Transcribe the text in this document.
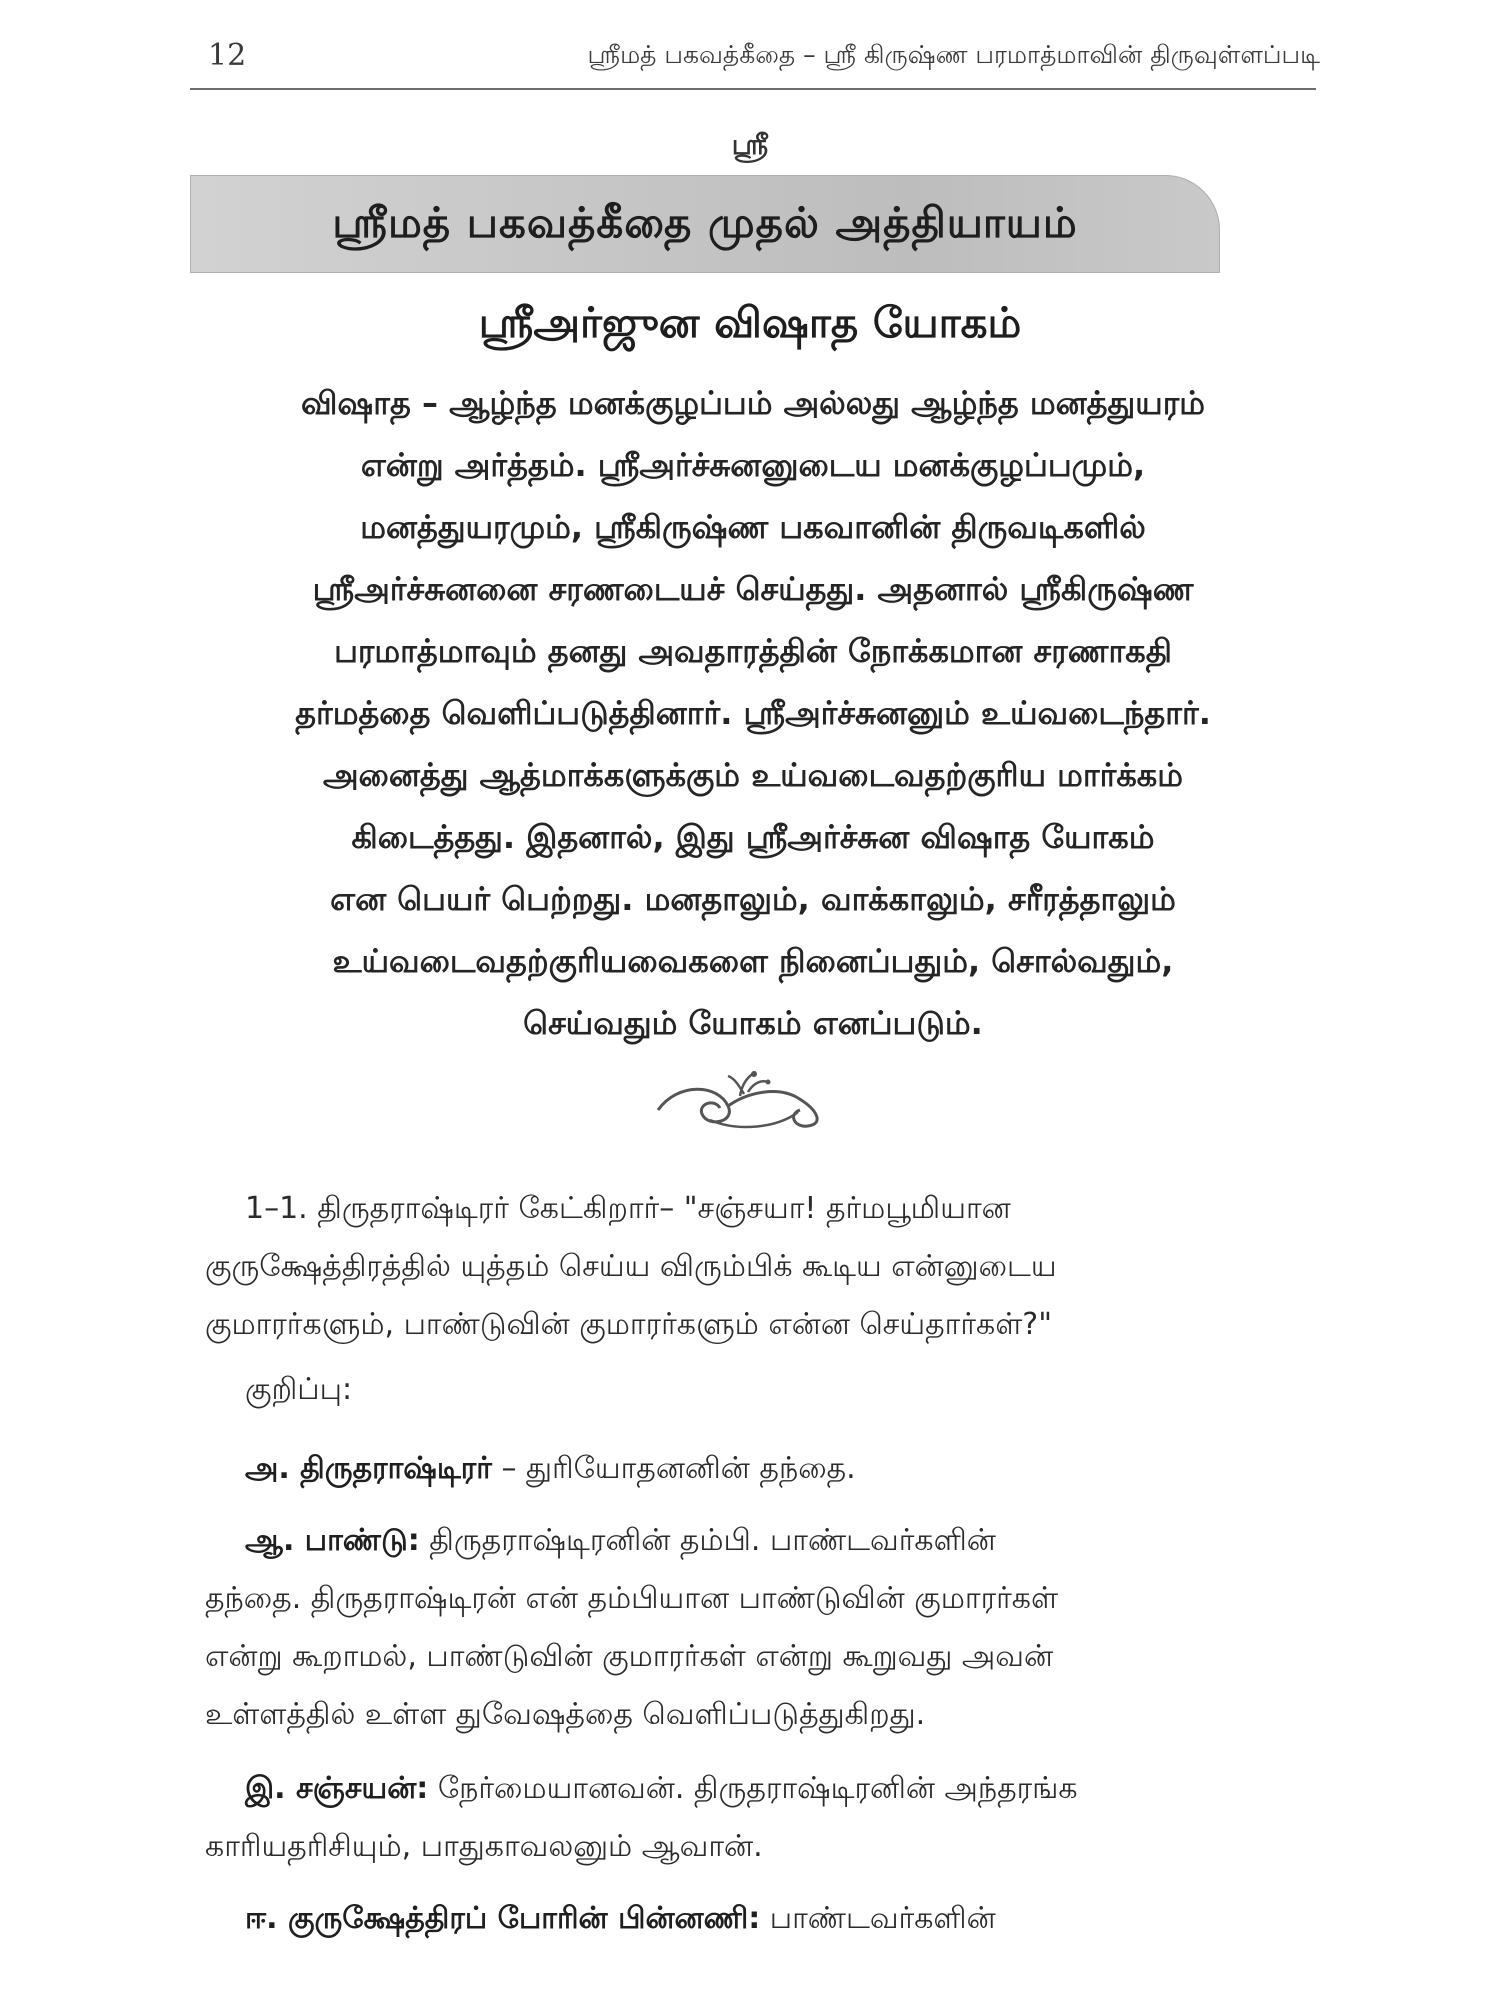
12	ஸ்ரீமத் பகவத்கீதை – ஸ்ரீ கிருஷ்ண பரமாத்மாவின் திருவுள்ளப்படி
ஸ்ரீ
ஸ்ரீமத் பகவத்கீதை முதல் அத்தியாயம்
ஸ்ரீஅர்ஜுன விஷாத யோகம்
விஷாத – ஆழ்ந்த மனக்குழப்பம் அல்லது ஆழ்ந்த மனத்துயரம்
என்று அர்த்தம். ஸ்ரீஅர்ச்சுனனுடைய மனக்குழப்பமும்,
மனத்துயரமும், ஸ்ரீகிருஷ்ண பகவானின் திருவடிகளில்
ஸ்ரீஅர்ச்சுனனை சரணடையச் செய்தது. அதனால் ஸ்ரீகிருஷ்ண
பரமாத்மாவும் தனது அவதாரத்தின் நோக்கமான சரணாகதி
தர்மத்தை வெளிப்படுத்தினார். ஸ்ரீஅர்ச்சுனனும் உய்வடைந்தார்.
அனைத்து ஆத்மாக்களுக்கும் உய்வடைவதற்குரிய மார்க்கம்
கிடைத்தது. இதனால், இது ஸ்ரீஅர்ச்சுன விஷாத யோகம்
என பெயர் பெற்றது. மனதாலும், வாக்காலும், சரீரத்தாலும்
உய்வடைவதற்குரியவைகளை நினைப்பதும், சொல்வதும்,
செய்வதும் யோகம் எனப்படும்.
1–1. திருதராஷ்டிரர் கேட்கிறார்– "சஞ்சயா! தர்மபூமியான
குருக்ஷேத்திரத்தில் யுத்தம் செய்ய விரும்பிக் கூடிய என்னுடைய
குமாரர்களும், பாண்டுவின் குமாரர்களும் என்ன செய்தார்கள்?"
குறிப்பு:
அ. திருதராஷ்டிரர் – துரியோதனனின் தந்தை.
ஆ. பாண்டு: திருதராஷ்டிரனின் தம்பி. பாண்டவர்களின்
தந்தை. திருதராஷ்டிரன் என் தம்பியான பாண்டுவின் குமாரர்கள்
என்று கூறாமல், பாண்டுவின் குமாரர்கள் என்று கூறுவது அவன்
உள்ளத்தில் உள்ள துவேஷத்தை வெளிப்படுத்துகிறது.
இ. சஞ்சயன்: நேர்மையானவன். திருதராஷ்டிரனின் அந்தரங்க
காரியதரிசியும், பாதுகாவலனும் ஆவான்.
ஈ. குருக்ஷேத்திரப் போரின் பின்னணி: பாண்டவர்களின்
